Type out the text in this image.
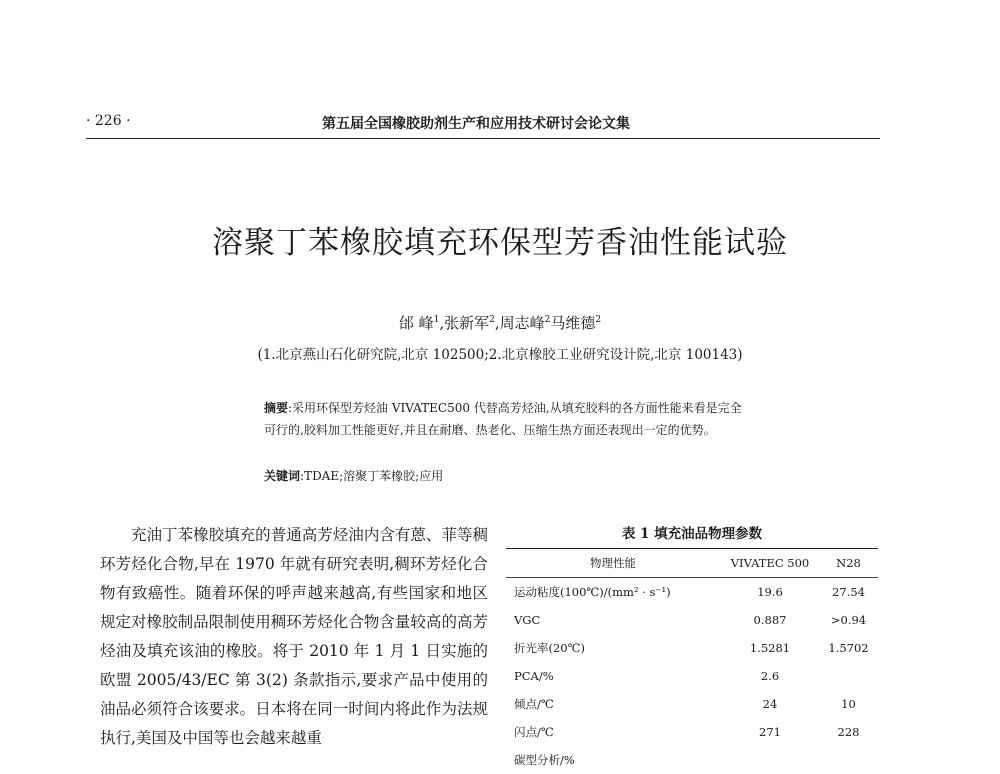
· 226 ·	第五届全国橡胶助剂生产和应用技术研讨会论文集
溶聚丁苯橡胶填充环保型芳香油性能试验
邰 峰$^1$,张新军$^2$,周志峰$^2$马维德$^2$
(1.北京燕山石化研究院,北京 102500;2.北京橡胶工业研究设计院,北京 100143)
摘要:采用环保型芳烃油 VIVATEC500 代替高芳烃油,从填充胶料的各方面性能来看是完全可行的,胶料加工性能更好,并且在耐磨、热老化、压缩生热方面还表现出一定的优势。
关键词:TDAE;溶聚丁苯橡胶;应用

充油丁苯橡胶填充的普通高芳烃油内含有蒽、菲等稠环芳烃化合物,早在 1970 年就有研究表明,稠环芳烃化合物有致癌性。随着环保的呼声越来越高,有些国家和地区规定对橡胶制品限制使用稠环芳烃化合物含量较高的高芳烃油及填充该油的橡胶。将于 2010 年 1 月 1 日实施的欧盟 2005/43/EC 第 3(2) 条款指示,要求产品中使用的油品必须符合该要求。日本将在同一时间内将此作为法规执行,美国及中国等也会越来越重

表 1 填充油品物理参数
物理性能	VIVATEC 500	N28
运动粘度(100℃)/(mm² · s⁻¹)	19.6	27.54
VGC	0.887	>0.94
折光率(20℃)	1.5281	1.5702
PCA/%	2.6	
倾点/℃	24	10
闪点/℃	271	228
碳型分析/%		
